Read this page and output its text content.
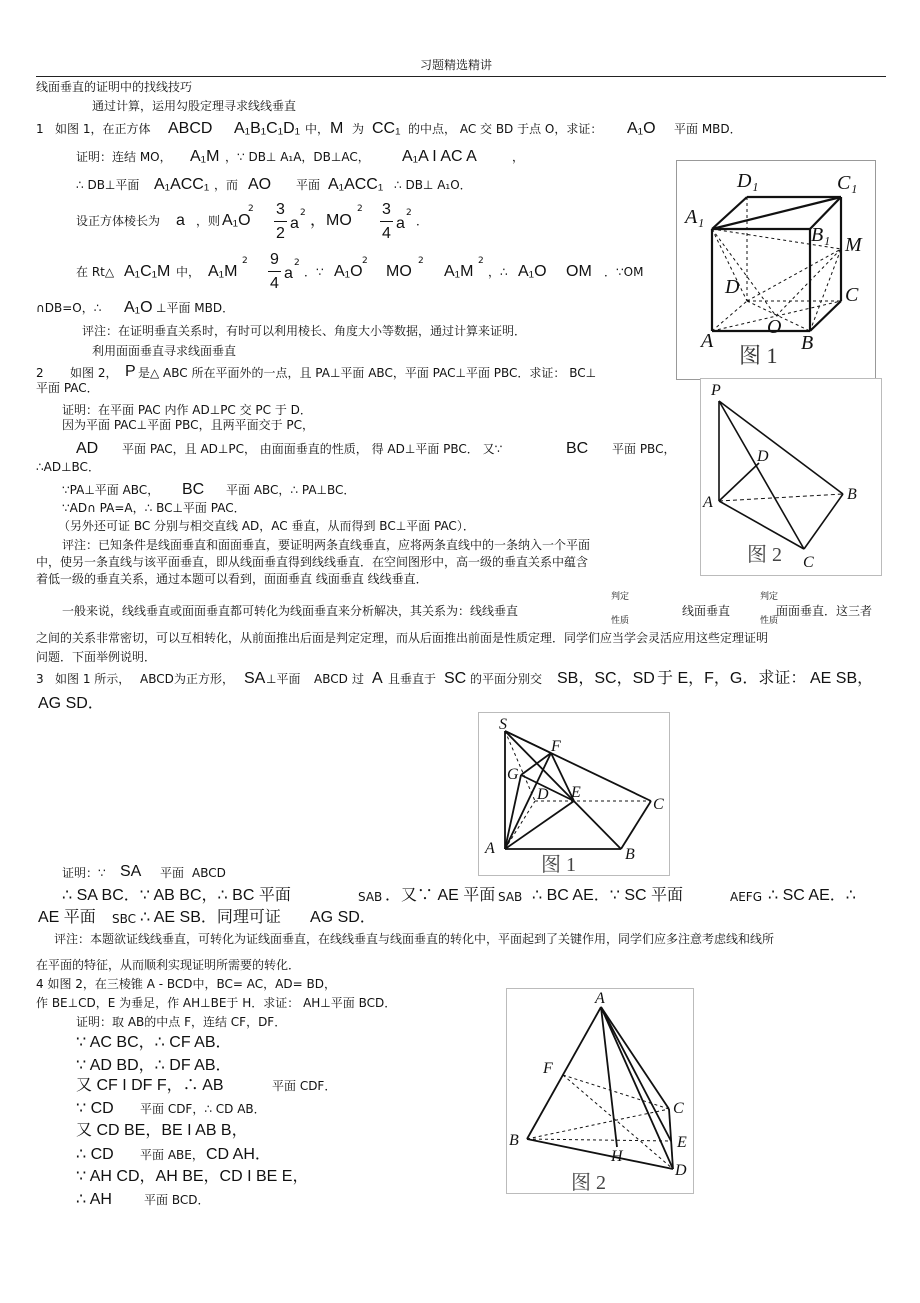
习题精选精讲
线面垂直的证明中的找线技巧
通过计算，运用勾股定理寻求线线垂直
1 如图 1，在正方体 ABCD A₁B₁C₁D₁ 中， M 为 CC₁ 的中点， AC 交 BD 于点 O，求证： A₁O 平面 MBD．
证明：连结 MO， A₁M ，∵ DB⊥ A₁A，DB⊥AC， A₁A I AC A	，
∴ DB⊥平面 A₁ACC₁ ，而 AO 平面 A₁ACC₁ ∴ DB⊥ A₁O．
设正方体棱长为 a ，则 A₁O
2 3
2
a
2 ，MO
2 3
4
a
2
．
在 Rt△ A₁C₁M 中， A₁M
2 9
4
a
2
．∵ A₁O
2
MO
2
A₁M
2
，∴ A₁O OM ．∵OM
∩DB=O，∴ A₁O ⊥平面 MBD．
评注：在证明垂直关系时，有时可以利用棱长、角度大小等数据，通过计算来证明．
利用面面垂直寻求线面垂直
2 如图 2， P 是△ ABC 所在平面外的一点，且 PA⊥平面 ABC，平面 PAC⊥平面 PBC．求证： BC⊥
平面 PAC．
证明：在平面 PAC 内作 AD⊥PC 交 PC 于 D．
因为平面 PAC⊥平面 PBC，且两平面交于 PC，
AD 平面 PAC，且 AD⊥PC， 由面面垂直的性质， 得 AD⊥平面 PBC． 又∵	BC 平面 PBC，
∴AD⊥BC．
∵PA⊥平面 ABC， BC 平面 ABC，∴ PA⊥BC．
∵AD∩ PA=A，∴ BC⊥平面 PAC．
（另外还可证 BC 分别与相交直线 AD，AC 垂直，从而得到 BC⊥平面 PAC）．
评注：已知条件是线面垂直和面面垂直，要证明两条直线垂直，应将两条直线中的一条纳入一个平面
中，使另一条直线与该平面垂直，即从线面垂直得到线线垂直．在空间图形中，高一级的垂直关系中蕴含
着低一级的垂直关系，通过本题可以看到，面面垂直 线面垂直 线线垂直．
一般来说，线线垂直或面面垂直都可转化为线面垂直来分析解决，其关系为：线线垂直
判定
性质
线面垂直
判定
性质
面面垂直．这三者
之间的关系非常密切，可以互相转化，从前面推出后面是判定定理，而从后面推出前面是性质定理．同学们应当学会灵活应用这些定理证明
问题．下面举例说明．
3 如图 1 所示， ABCD 为正方形， SA ⊥平面 ABCD 过 A 且垂直于 SC 的平面分别交 SB，SC，SD 于 E，F，G．求证： AE SB，
AG SD．
证明：∵ SA 平面 ABCD
∴ SA BC．∵ AB BC，∴ BC 平面	SAB ．又∵ AE 平面 SAB ∴ BC AE．∵ SC 平面	AEFG ∴ SC AE．∴
AE 平面 SBC ∴ AE SB．同理可证 AG SD．
评注：本题欲证线线垂直，可转化为证线面垂直，在线线垂直与线面垂直的转化中，平面起到了关键作用，同学们应多注意考虑线和线所
在平面的特征，从而顺利实现证明所需要的转化．
4 如图 2，在三棱锥 A - BCD中，BC= AC，AD= BD，
作 BE⊥CD，E 为垂足，作 AH⊥BE于 H．求证： AH⊥平面 BCD．
证明：取 AB的中点 F，连结 CF，DF．
∵ AC BC，∴ CF AB．
∵ AD BD，∴ DF AB．
又 CF I DF F，∴ AB	平面 CDF．
∵ CD 平面 CDF，∴ CD AB．
又 CD BE，BE I AB B，
∴ CD 平面 ABE， CD AH．
∵ AH CD，AH BE，CD I BE E，
∴ AH	平面 BCD．
D₁	C₁
A₁
B₁ M
D	C
A
O
B
图 1
P
D
A	B
C
图 2
S
F
G
D E
C
A	B
图 1
A
F
C
B	E
H
D
图 2
